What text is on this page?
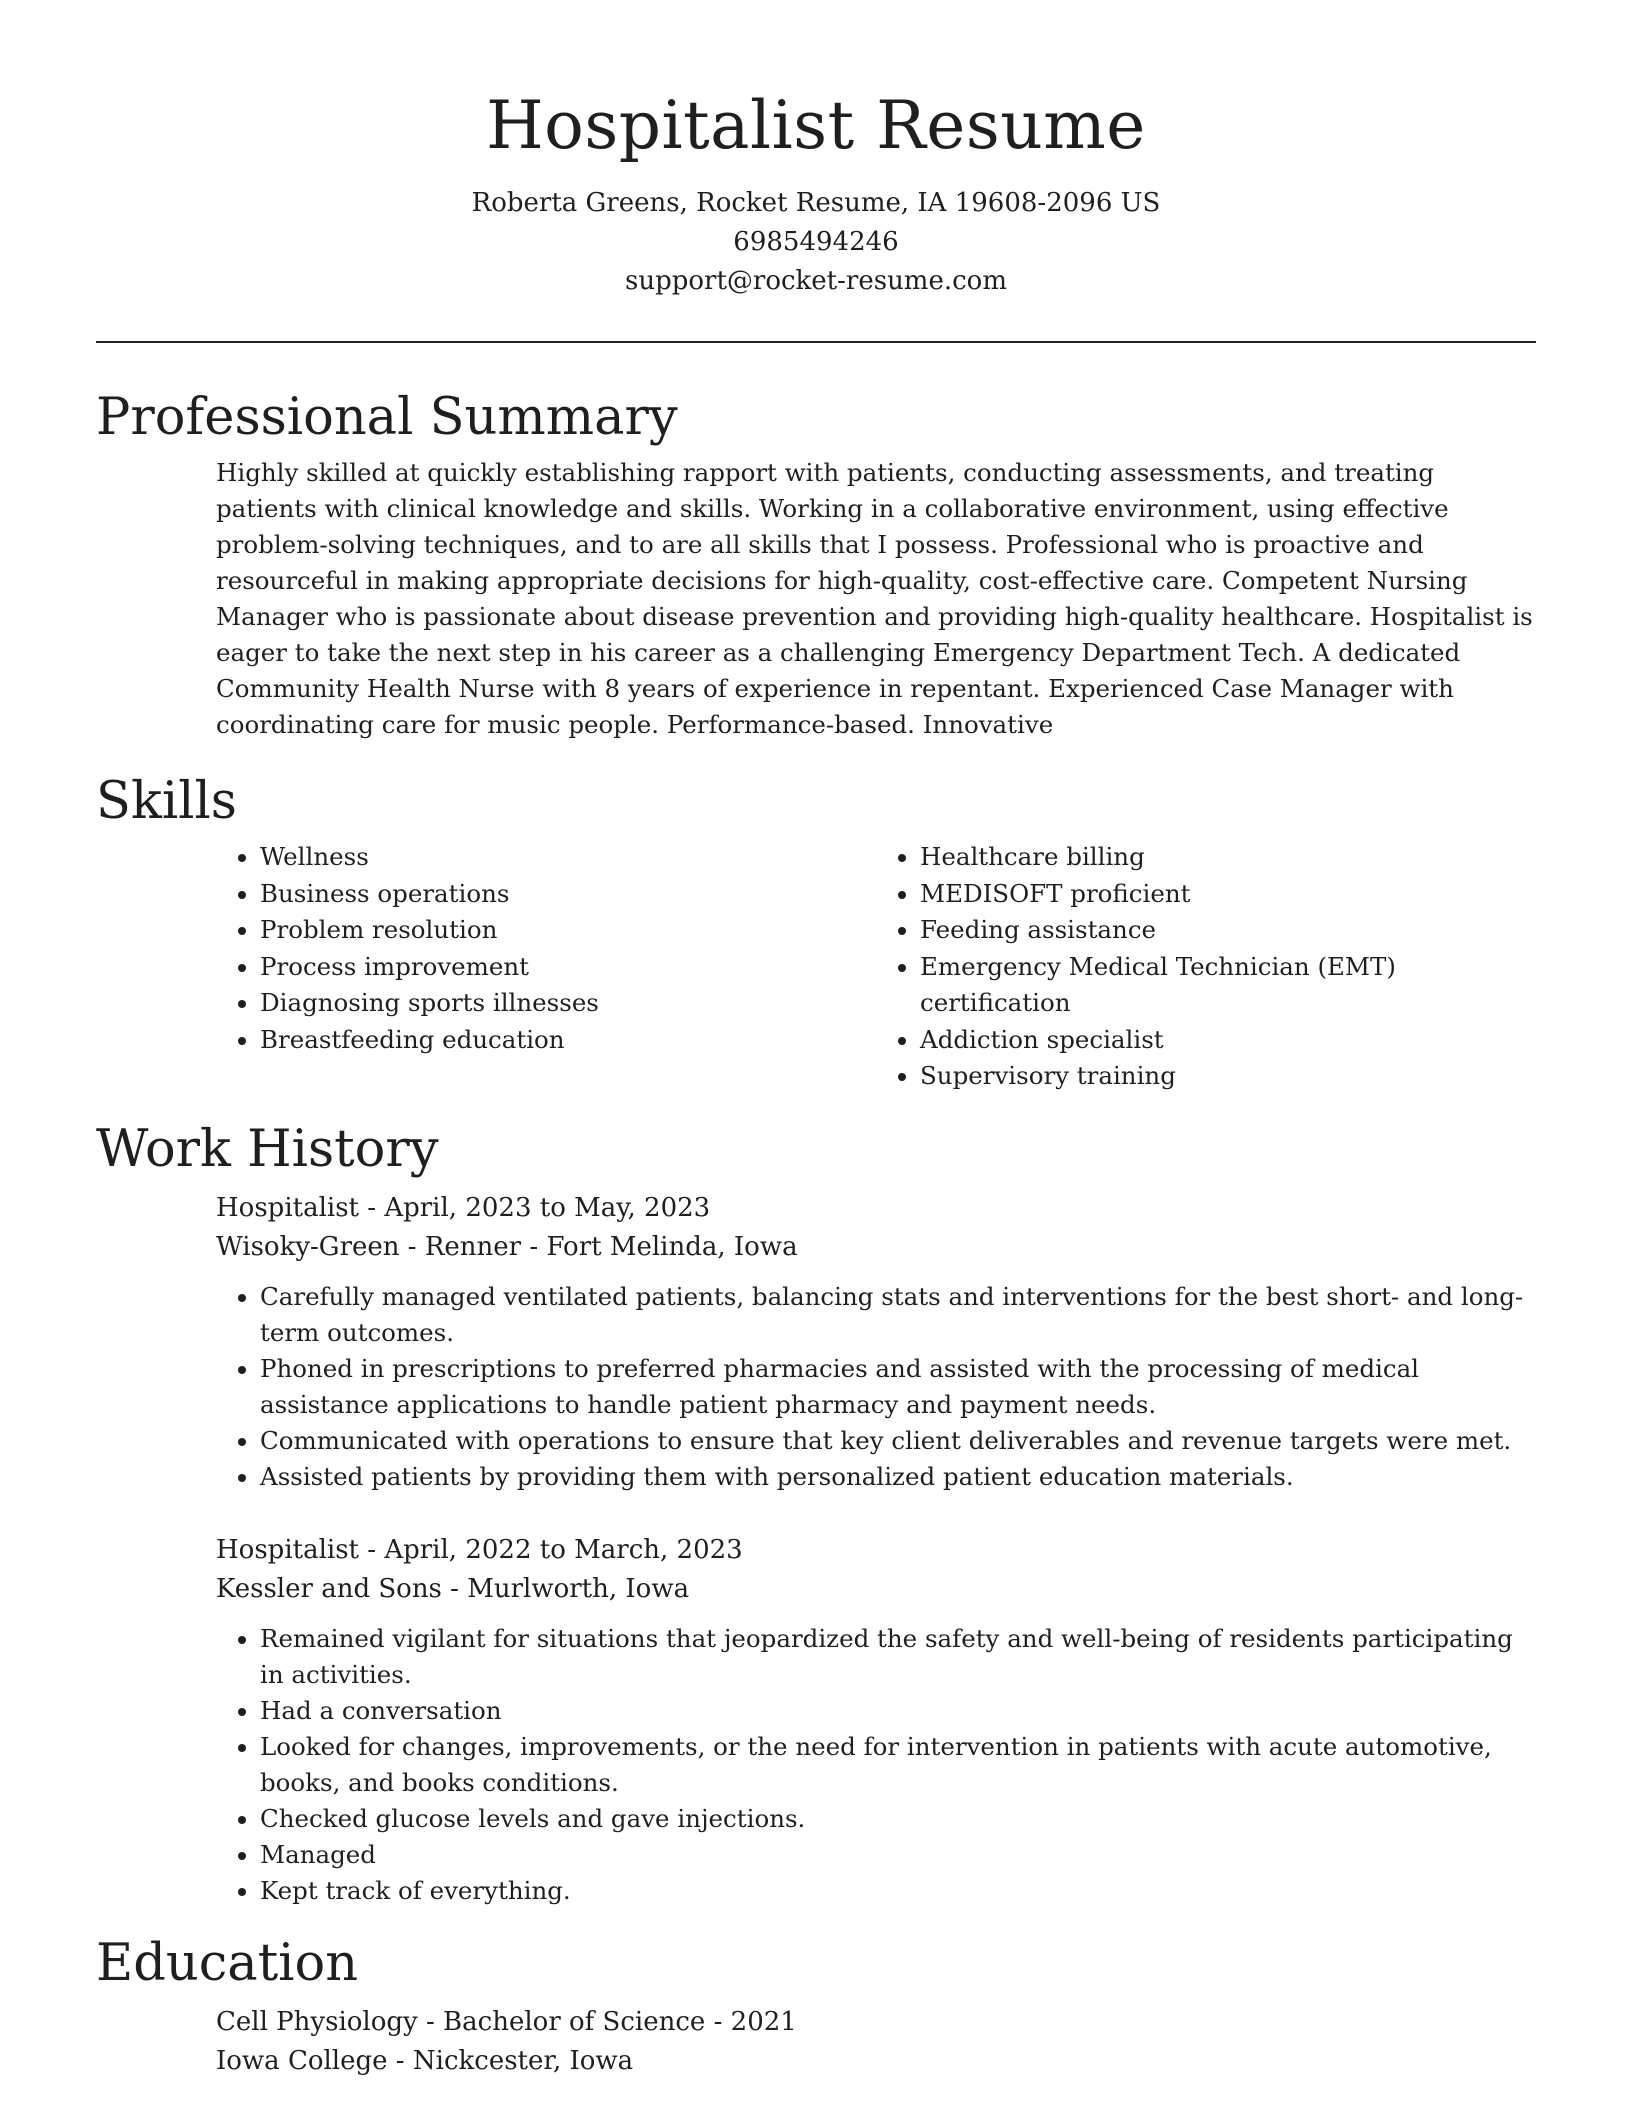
Hospitalist Resume
Roberta Greens, Rocket Resume, IA 19608-2096 US
6985494246
support@rocket-resume.com
Professional Summary
Highly skilled at quickly establishing rapport with patients, conducting assessments, and treating patients with clinical knowledge and skills. Working in a collaborative environment, using effective problem-solving techniques, and to are all skills that I possess. Professional who is proactive and resourceful in making appropriate decisions for high-quality, cost-effective care. Competent Nursing Manager who is passionate about disease prevention and providing high-quality healthcare. Hospitalist is eager to take the next step in his career as a challenging Emergency Department Tech. A dedicated Community Health Nurse with 8 years of experience in repentant. Experienced Case Manager with coordinating care for music people. Performance-based. Innovative
Skills
• Wellness
• Business operations
• Problem resolution
• Process improvement
• Diagnosing sports illnesses
• Breastfeeding education
• Healthcare billing
• MEDISOFT proficient
• Feeding assistance
• Emergency Medical Technician (EMT) certification
• Addiction specialist
• Supervisory training
Work History
Hospitalist - April, 2023 to May, 2023
Wisoky-Green - Renner - Fort Melinda, Iowa
• Carefully managed ventilated patients, balancing stats and interventions for the best short- and long-term outcomes.
• Phoned in prescriptions to preferred pharmacies and assisted with the processing of medical assistance applications to handle patient pharmacy and payment needs.
• Communicated with operations to ensure that key client deliverables and revenue targets were met.
• Assisted patients by providing them with personalized patient education materials.
Hospitalist - April, 2022 to March, 2023
Kessler and Sons - Murlworth, Iowa
• Remained vigilant for situations that jeopardized the safety and well-being of residents participating in activities.
• Had a conversation
• Looked for changes, improvements, or the need for intervention in patients with acute automotive, books, and books conditions.
• Checked glucose levels and gave injections.
• Managed
• Kept track of everything.
Education
Cell Physiology - Bachelor of Science - 2021
Iowa College - Nickcester, Iowa
